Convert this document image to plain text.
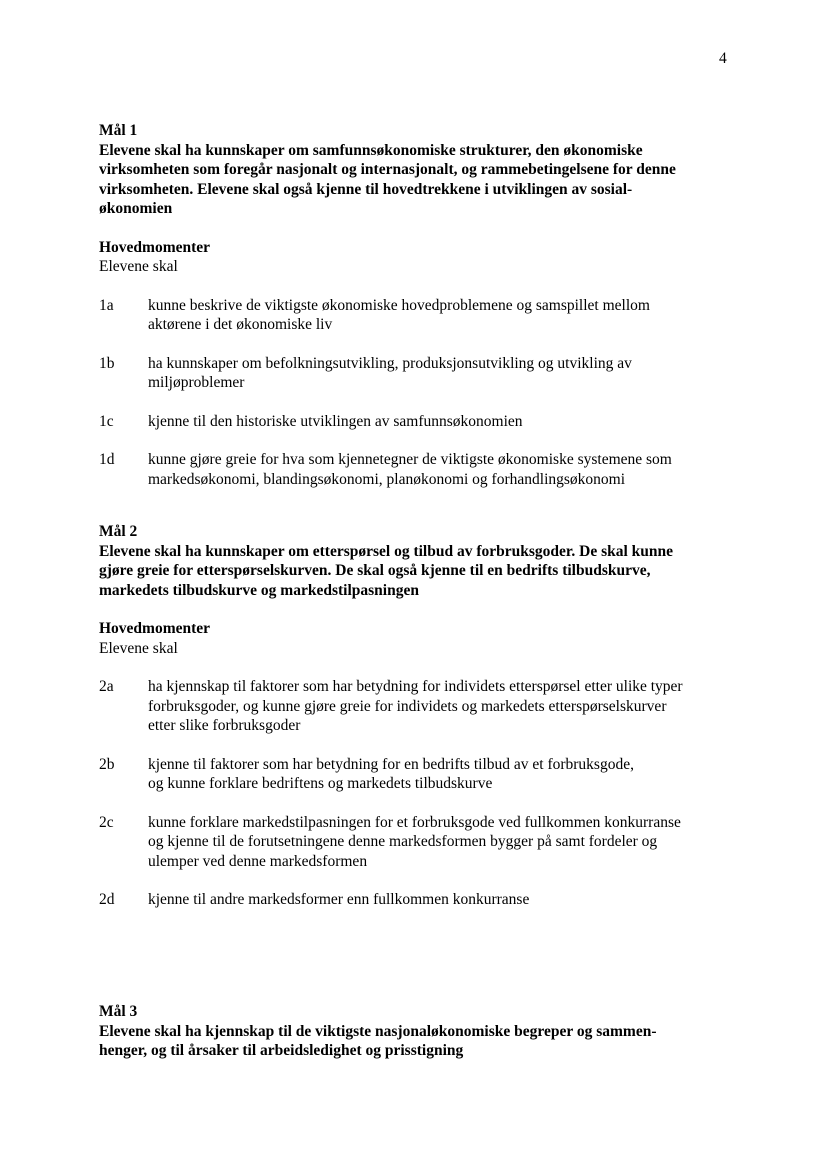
4
Mål 1

Elevene skal ha kunnskaper om samfunnsøkonomiske strukturer, den økonomiske
virksomheten som foregår nasjonalt og internasjonalt, og rammebetingelsene for denne
virksomheten. Elevene skal også kjenne til hovedtrekkene i utviklingen av sosial-
økonomien

Hovedmomenter
Elevene skal
1a	kunne beskrive de viktigste økonomiske hovedproblemene og samspillet mellom
aktørene i det økonomiske liv
1b	ha kunnskaper om befolkningsutvikling, produksjonsutvikling og utvikling av
miljøproblemer
1c	kjenne til den historiske utviklingen av samfunnsøkonomien
1d	kunne gjøre greie for hva som kjennetegner de viktigste økonomiske systemene som
markedsøkonomi, blandingsøkonomi, planøkonomi og forhandlingsøkonomi
Mål 2

Elevene skal ha kunnskaper om etterspørsel og tilbud av forbruksgoder. De skal kunne
gjøre greie for etterspørselskurven. De skal også kjenne til en bedrifts tilbudskurve,
markedets tilbudskurve og markedstilpasningen

Hovedmomenter
Elevene skal
2a	ha kjennskap til faktorer som har betydning for individets etterspørsel etter ulike typer
forbruksgoder, og kunne gjøre greie for individets og markedets etterspørselskurver
etter slike forbruksgoder
2b	kjenne til faktorer som har betydning for en bedrifts tilbud av et forbruksgode,
og kunne forklare bedriftens og markedets tilbudskurve
2c	kunne forklare markedstilpasningen for et forbruksgode ved fullkommen konkurranse
og kjenne til de forutsetningene denne markedsformen bygger på samt fordeler og
ulemper ved denne markedsformen
2d	kjenne til andre markedsformer enn fullkommen konkurranse
Mål 3

Elevene skal ha kjennskap til de viktigste nasjonaløkonomiske begreper og sammen-
henger, og til årsaker til arbeidsledighet og prisstigning
